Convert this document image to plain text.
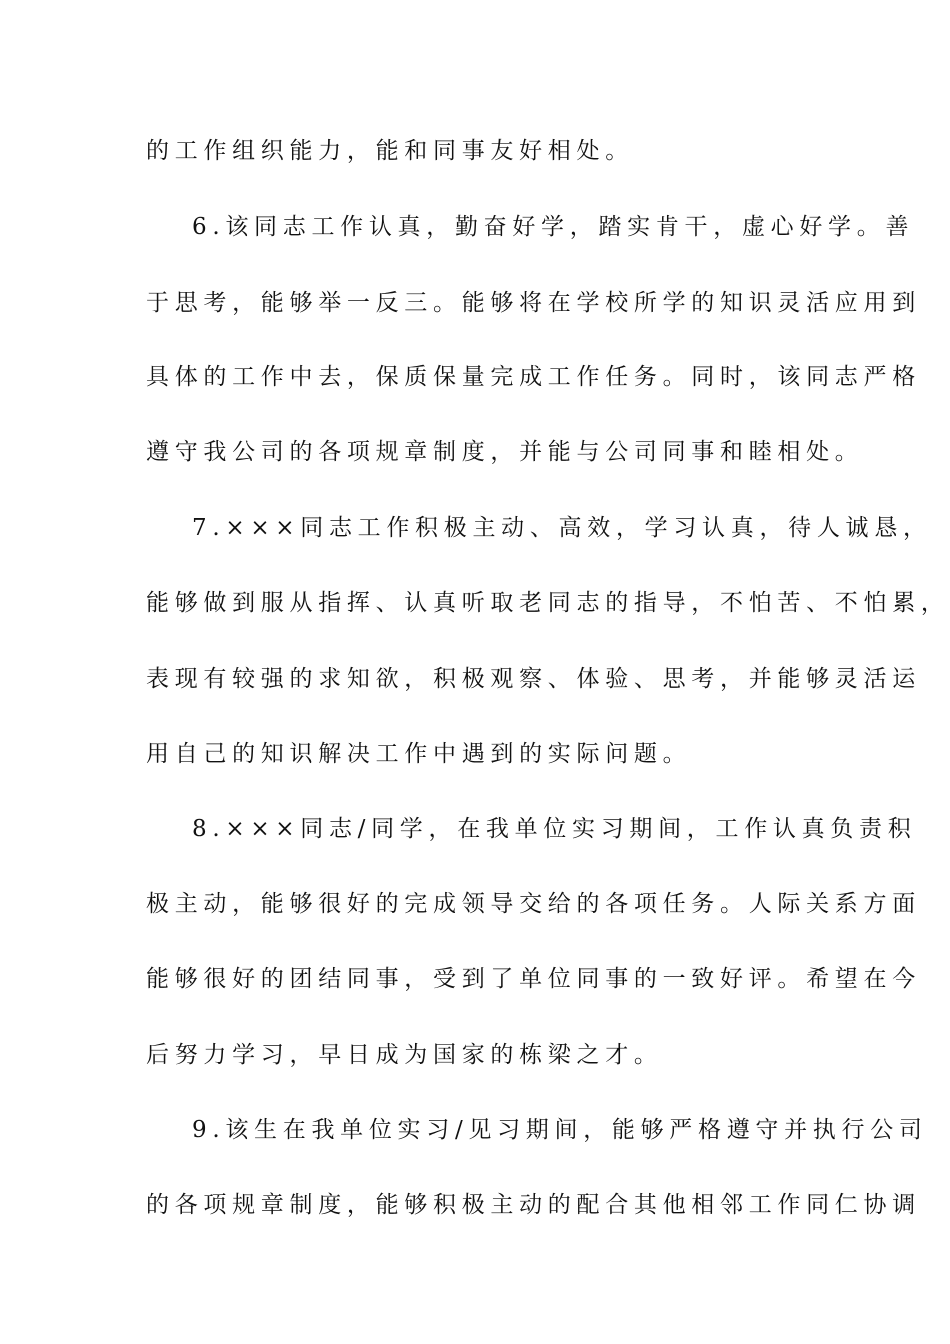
的工作组织能力，能和同事友好相处。
6.该同志工作认真，勤奋好学，踏实肯干，虚心好学。善
于思考，能够举一反三。能够将在学校所学的知识灵活应用到
具体的工作中去，保质保量完成工作任务。同时，该同志严格
遵守我公司的各项规章制度，并能与公司同事和睦相处。
7.×××同志工作积极主动、高效，学习认真，待人诚恳，
能够做到服从指挥、认真听取老同志的指导，不怕苦、不怕累，
表现有较强的求知欲，积极观察、体验、思考，并能够灵活运
用自己的知识解决工作中遇到的实际问题。
8.×××同志/同学，在我单位实习期间，工作认真负责积
极主动，能够很好的完成领导交给的各项任务。人际关系方面
能够很好的团结同事，受到了单位同事的一致好评。希望在今
后努力学习，早日成为国家的栋梁之才。
9.该生在我单位实习/见习期间，能够严格遵守并执行公司
的各项规章制度，能够积极主动的配合其他相邻工作同仁协调
